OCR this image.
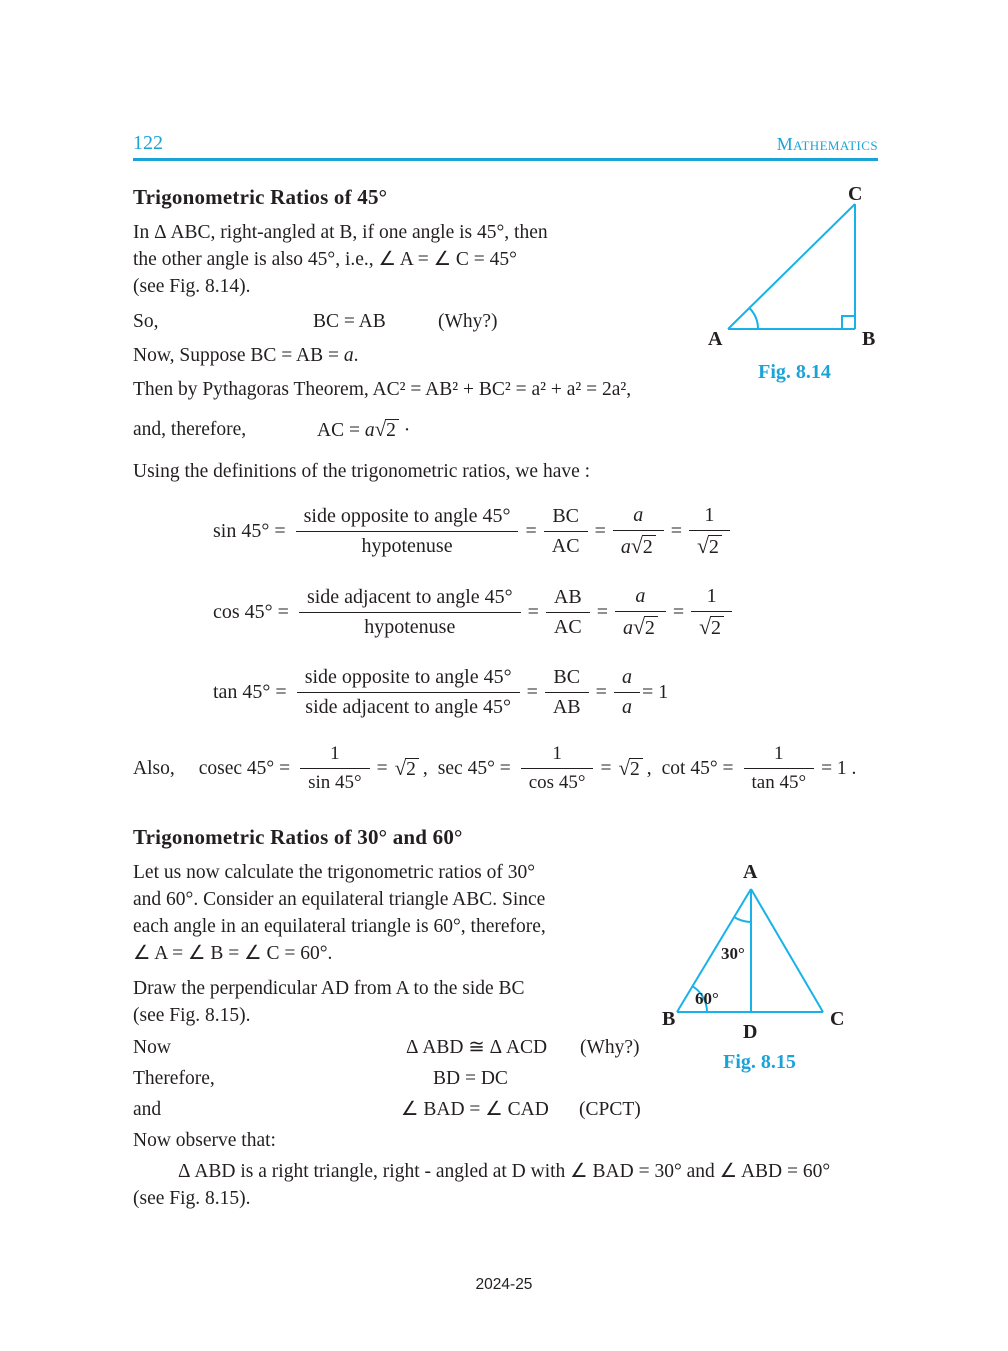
122	Mathematics
Trigonometric Ratios of 45°
In Δ ABC, right-angled at B, if one angle is 45°, then
the other angle is also 45°, i.e., ∠ A = ∠ C = 45°
(see Fig. 8.14).
So,	BC = AB	(Why?)
Now, Suppose BC = AB = a.
Then by Pythagoras Theorem, AC² = AB² + BC² = a² + a² = 2a²,
and, therefore,	AC = a√2 ·
Using the definitions of the trigonometric ratios, we have :
$\sin 45^\circ = \frac{\text{side opposite to angle 45°}}{\text{hypotenuse}} = \frac{BC}{AC} = \frac{a}{a√2} = \frac{1}{√2}$
$\cos 45^\circ = \frac{\text{side adjacent to angle 45°}}{\text{hypotenuse}} = \frac{AB}{AC} = \frac{a}{a√2} = \frac{1}{√2}$
$\tan 45^\circ = \frac{\text{side opposite to angle 45°}}{\text{side adjacent to angle 45°}} = \frac{BC}{AB} = \frac{a}{a} = 1$
Also, cosec $45^\circ = \frac{1}{\sin 45^\circ} = √2$ , $\sec 45^\circ = \frac{1}{\cos 45^\circ} = √2$ , $\cot 45^\circ = \frac{1}{\tan 45^\circ} = 1$ .
Trigonometric Ratios of 30° and 60°
Let us now calculate the trigonometric ratios of 30°
and 60°. Consider an equilateral triangle ABC. Since
each angle in an equilateral triangle is 60°, therefore,
∠ A = ∠ B = ∠ C = 60°.
Draw the perpendicular AD from A to the side BC
(see Fig. 8.15).
Now	Δ ABD ≅ Δ ACD (Why?)
Therefore,	BD = DC
and	∠ BAD = ∠ CAD (CPCT)
Now observe that:
Δ ABD is a right triangle, right - angled at D with ∠ BAD = 30° and ∠ ABD = 60°
(see Fig. 8.15).
A	B
C
Fig. 8.14
30°
60°
A
B	C
D
Fig. 8.15
2024-25
